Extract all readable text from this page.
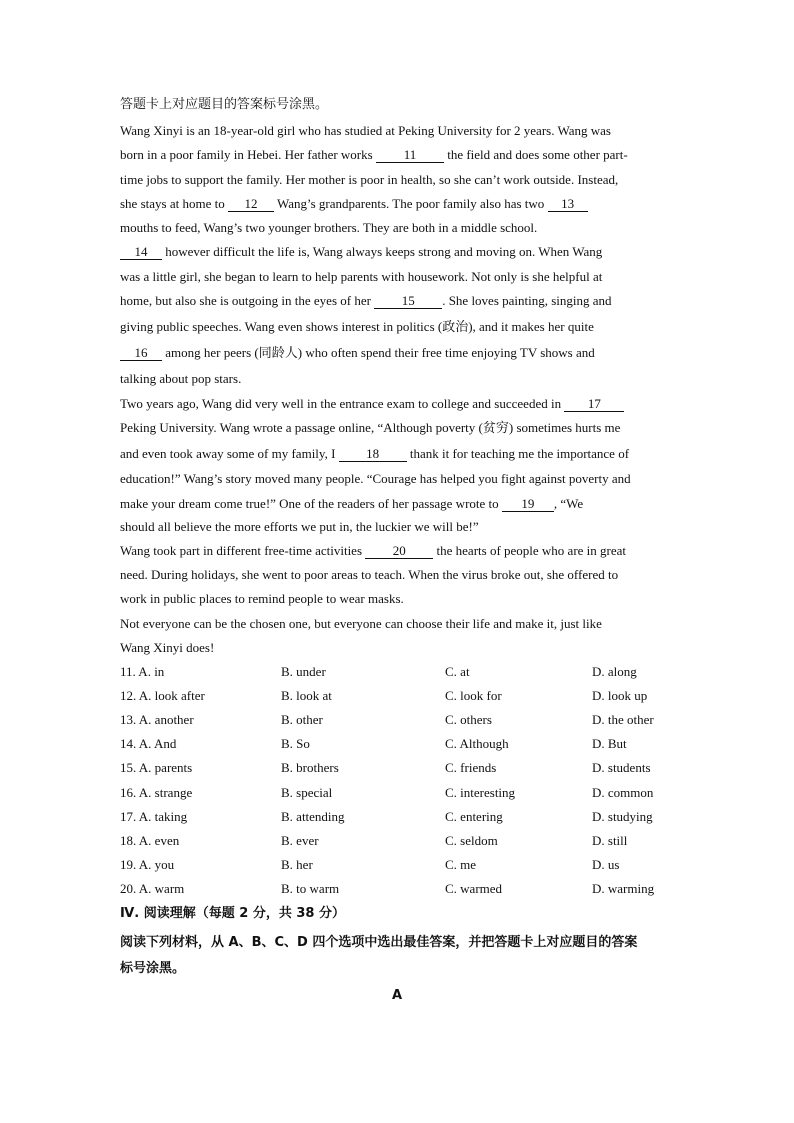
答题卡上对应题目的答案标号涂黑。
Wang Xinyi is an 18-year-old girl who has studied at Peking University for 2 years. Wang was
born in a poor family in Hebei. Her father works 11 the field and does some other part-
time jobs to support the family. Her mother is poor in health, so she can’t work outside. Instead,
she stays at home to 12 Wang’s grandparents. The poor family also has two 13
mouths to feed, Wang’s two younger brothers. They are both in a middle school.
14 however difficult the life is, Wang always keeps strong and moving on. When Wang
was a little girl, she began to learn to help parents with housework. Not only is she helpful at
home, but also she is outgoing in the eyes of her 15 . She loves painting, singing and
giving public speeches. Wang even shows interest in politics (政治), and it makes her quite
16 among her peers (同龄人) who often spend their free time enjoying TV shows and
talking about pop stars.
Two years ago, Wang did very well in the entrance exam to college and succeeded in 17
Peking University. Wang wrote a passage online, “Although poverty (贫穷) sometimes hurts me
and even took away some of my family, I 18 thank it for teaching me the importance of
education!” Wang’s story moved many people. “Courage has helped you fight against poverty and
make your dream come true!” One of the readers of her passage wrote to 19 , “We
should all believe the more efforts we put in, the luckier we will be!”
Wang took part in different free-time activities 20 the hearts of people who are in great
need. During holidays, she went to poor areas to teach. When the virus broke out, she offered to
work in public places to remind people to wear masks.
Not everyone can be the chosen one, but everyone can choose their life and make it, just like
Wang Xinyi does!
11. A. in	B. under	C. at	D. along
12. A. look after	B. look at	C. look for	D. look up
13. A. another	B. other	C. others	D. the other
14. A. And	B. So	C. Although	D. But
15. A. parents	B. brothers	C. friends	D. students
16. A. strange	B. special	C. interesting	D. common
17. A. taking	B. attending	C. entering	D. studying
18. A. even	B. ever	C. seldom	D. still
19. A. you	B. her	C. me	D. us
20. A. warm	B. to warm	C. warmed	D. warming
Ⅳ. 阅读理解（每题 2 分，共 38 分）
阅读下列材料，从 A、B、C、D 四个选项中选出最佳答案，并把答题卡上对应题目的答案
标号涂黑。
A
